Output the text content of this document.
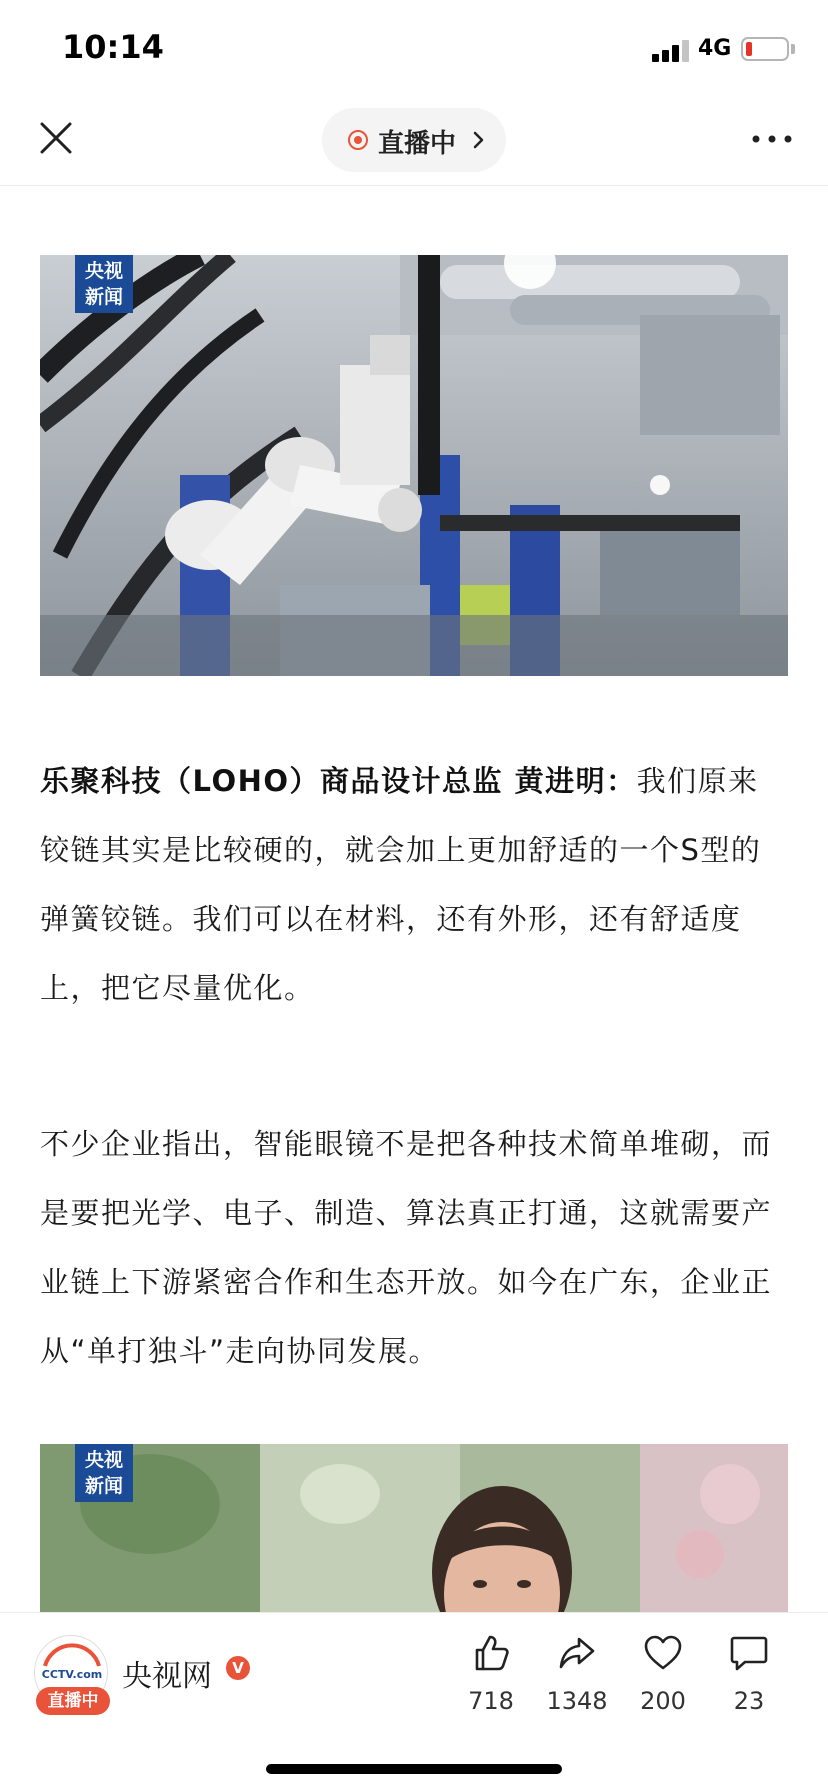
10:14	4G
直播中
央视
新闻
乐聚科技（LOHO）商品设计总监 黄进明：我们原来铰链其实是比较硬的，就会加上更加舒适的一个S型的弹簧铰链。我们可以在材料，还有外形，还有舒适度上，把它尽量优化。
不少企业指出，智能眼镜不是把各种技术简单堆砌，而是要把光学、电子、制造、算法真正打通，这就需要产业链上下游紧密合作和生态开放。如今在广东，企业正从“单打独斗”走向协同发展。
央视
新闻
CCTV.com
直播中
央视网	V
718	1348	200	23
